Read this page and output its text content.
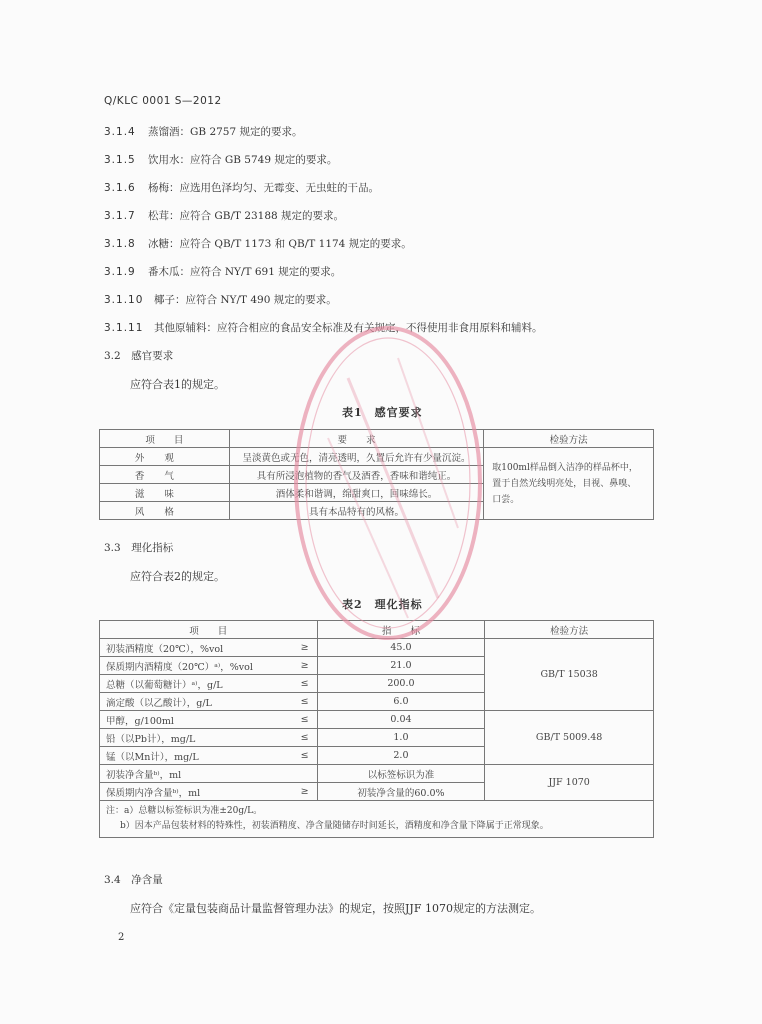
Q/KLC 0001 S—2012
3.1.4 蒸馏酒：GB 2757 规定的要求。
3.1.5 饮用水：应符合 GB 5749 规定的要求。
3.1.6 杨梅：应选用色泽均匀、无霉变、无虫蛀的干品。
3.1.7 松茸：应符合 GB/T 23188 规定的要求。
3.1.8 冰糖：应符合 QB/T 1173 和 QB/T 1174 规定的要求。
3.1.9 番木瓜：应符合 NY/T 691 规定的要求。
3.1.10 椰子：应符合 NY/T 490 规定的要求。
3.1.11 其他原辅料：应符合相应的食品安全标准及有关规定，不得使用非食用原料和辅料。
3.2　感官要求
应符合表1的规定。
表1　感官要求
项　　目	要　　求	检验方法
外观	呈淡黄色或无色，清亮透明，久置后允许有少量沉淀。	取100ml样品倒入洁净的样品杯中，置于自然光线明亮处，目视、鼻嗅、口尝。
香气	具有所浸泡植物的香气及酒香，香味和谐纯正。	
滋味	酒体柔和谐调，绵甜爽口，回味绵长。	
风格	具有本品特有的风格。	
3.3　理化指标
应符合表2的规定。
表2　理化指标
项　　目		指　　标	检验方法
初装酒精度（20℃），%vol	≥	45.0	GB/T 15038
保质期内酒精度（20℃）ᵃ⁾，%vol	≥	21.0	
总糖（以葡萄糖计）ᵃ⁾，g/L	≤	200.0	
滴定酸（以乙酸计），g/L	≤	6.0	
甲醇，g/100ml	≤	0.04	GB/T 5009.48
铅（以Pb计），mg/L	≤	1.0	
锰（以Mn计），mg/L	≤	2.0	
初装净含量ᵇ⁾，ml		以标签标识为准	JJF 1070
保质期内净含量ᵇ⁾，ml	≥	初装净含量的60.0%	

注：a）总糖以标签标识为准±20g/L。
b）因本产品包装材料的特殊性，初装酒精度、净含量随储存时间延长，酒精度和净含量下降属于正常现象。			
3.4　净含量
应符合《定量包装商品计量监督管理办法》的规定，按照JJF 1070规定的方法测定。
2
